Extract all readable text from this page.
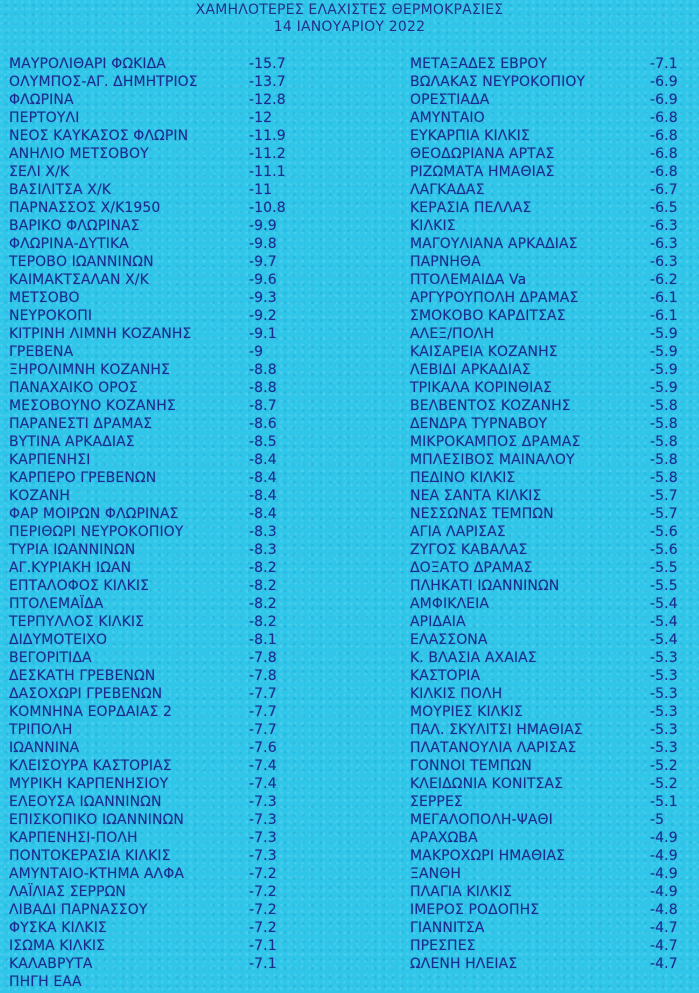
ΧΑΜΗΛΟΤΕΡΕΣ ΕΛΑΧΙΣΤΕΣ ΘΕΡΜΟΚΡΑΣΙΕΣ
14 ΙΑΝΟΥΑΡΙΟΥ 2022
ΜΑΥΡΟΛΙΘΑΡΙ ΦΩΚΙΔΑ	-15.7
ΟΛΥΜΠΟΣ-ΑΓ. ΔΗΜΗΤΡΙΟΣ	-13.7
ΦΛΩΡΙΝΑ	-12.8
ΠΕΡΤΟΥΛΙ	-12
ΝΕΟΣ ΚΑΥΚΑΣΟΣ ΦΛΩΡΙΝ	-11.9
ΑΝΗΛΙΟ ΜΕΤΣΟΒΟΥ	-11.2
ΣΕΛΙ Χ/Κ	-11.1
ΒΑΣΙΛΙΤΣΑ Χ/Κ	-11
ΠΑΡΝΑΣΣΟΣ Χ/Κ1950	-10.8
ΒΑΡΙΚΟ ΦΛΩΡΙΝΑΣ	-9.9
ΦΛΩΡΙΝΑ-ΔΥΤΙΚΑ	-9.8
ΤΕΡΟΒΟ ΙΩΑΝΝΙΝΩΝ	-9.7
ΚΑΙΜΑΚΤΣΑΛΑΝ Χ/Κ	-9.6
ΜΕΤΣΟΒΟ	-9.3
ΝΕΥΡΟΚΟΠΙ	-9.2
ΚΙΤΡΙΝΗ ΛΙΜΝΗ ΚΟΖΑΝΗΣ	-9.1
ΓΡΕΒΕΝΑ	-9
ΞΗΡΟΛΙΜΝΗ ΚΟΖΑΝΗΣ	-8.8
ΠΑΝΑΧΑΙΚΟ ΟΡΟΣ	-8.8
ΜΕΣΟΒΟΥΝΟ ΚΟΖΑΝΗΣ	-8.7
ΠΑΡΑΝΕΣΤΙ ΔΡΑΜΑΣ	-8.6
ΒΥΤΙΝΑ ΑΡΚΑΔΙΑΣ	-8.5
ΚΑΡΠΕΝΗΣΙ	-8.4
ΚΑΡΠΕΡΟ ΓΡΕΒΕΝΩΝ	-8.4
ΚΟΖΑΝΗ	-8.4
ΦΑΡ ΜΟΙΡΩΝ ΦΛΩΡΙΝΑΣ	-8.4
ΠΕΡΙΘΩΡΙ ΝΕΥΡΟΚΟΠΙΟΥ	-8.3
ΤΥΡΙΑ ΙΩΑΝΝΙΝΩΝ	-8.3
ΑΓ.ΚΥΡΙΑΚΗ ΙΩΑΝ	-8.2
ΕΠΤΑΛΟΦΟΣ ΚΙΛΚΙΣ	-8.2
ΠΤΟΛΕΜΑΪΔΑ	-8.2
ΤΕΡΠΥΛΛΟΣ ΚΙΛΚΙΣ	-8.2
ΔΙΔΥΜΟΤΕΙΧΟ	-8.1
ΒΕΓΟΡΙΤΙΔΑ	-7.8
ΔΕΣΚΑΤΗ ΓΡΕΒΕΝΩΝ	-7.8
ΔΑΣΟΧΩΡΙ ΓΡΕΒΕΝΩΝ	-7.7
ΚΟΜΝΗΝΑ ΕΟΡΔΑΙΑΣ 2	-7.7
ΤΡΙΠΟΛΗ	-7.7
ΙΩΑΝΝΙΝΑ	-7.6
ΚΛΕΙΣΟΥΡΑ ΚΑΣΤΟΡΙΑΣ	-7.4
ΜΥΡΙΚΗ ΚΑΡΠΕΝΗΣΙΟΥ	-7.4
ΕΛΕΟΥΣΑ ΙΩΑΝΝΙΝΩΝ	-7.3
ΕΠΙΣΚΟΠΙΚΟ ΙΩΑΝΝΙΝΩΝ	-7.3
ΚΑΡΠΕΝΗΣΙ-ΠΟΛΗ	-7.3
ΠΟΝΤΟΚΕΡΑΣΙΑ ΚΙΛΚΙΣ	-7.3
ΑΜΥΝΤΑΙΟ-ΚΤΗΜΑ ΑΛΦΑ	-7.2
ΛΑΪΛΙΑΣ ΣΕΡΡΩΝ	-7.2
ΛΙΒΑΔΙ ΠΑΡΝΑΣΣΟΥ	-7.2
ΦΥΣΚΑ ΚΙΛΚΙΣ	-7.2
ΙΣΩΜΑ ΚΙΛΚΙΣ	-7.1
ΚΑΛΑΒΡΥΤΑ	-7.1
ΠΗΓΗ ΕΑΑ
ΜΕΤΑΞΑΔΕΣ ΕΒΡΟΥ	-7.1
ΒΩΛΑΚΑΣ ΝΕΥΡΟΚΟΠΙΟΥ	-6.9
ΟΡΕΣΤΙΑΔΑ	-6.9
ΑΜΥΝΤΑΙΟ	-6.8
ΕΥΚΑΡΠΙΑ ΚΙΛΚΙΣ	-6.8
ΘΕΟΔΩΡΙΑΝΑ ΑΡΤΑΣ	-6.8
ΡΙΖΩΜΑΤΑ ΗΜΑΘΙΑΣ	-6.8
ΛΑΓΚΑΔΑΣ	-6.7
ΚΕΡΑΣΙΑ ΠΕΛΛΑΣ	-6.5
ΚΙΛΚΙΣ	-6.3
ΜΑΓΟΥΛΙΑΝΑ ΑΡΚΑΔΙΑΣ	-6.3
ΠΑΡΝΗΘΑ	-6.3
ΠΤΟΛΕΜΑΙΔΑ Va	-6.2
ΑΡΓΥΡΟΥΠΟΛΗ ΔΡΑΜΑΣ	-6.1
ΣΜΟΚΟΒΟ ΚΑΡΔΙΤΣΑΣ	-6.1
ΑΛΕΞ/ΠΟΛΗ	-5.9
ΚΑΙΣΑΡΕΙΑ ΚΟΖΑΝΗΣ	-5.9
ΛΕΒΙΔΙ ΑΡΚΑΔΙΑΣ	-5.9
ΤΡΙΚΑΛΑ ΚΟΡΙΝΘΙΑΣ	-5.9
ΒΕΛΒΕΝΤΟΣ ΚΟΖΑΝΗΣ	-5.8
ΔΕΝΔΡΑ ΤΥΡΝΑΒΟΥ	-5.8
ΜΙΚΡΟΚΑΜΠΟΣ ΔΡΑΜΑΣ	-5.8
ΜΠΛΕΣΙΒΟΣ ΜΑΙΝΑΛΟΥ	-5.8
ΠΕΔΙΝΟ ΚΙΛΚΙΣ	-5.8
ΝΕΑ ΣΑΝΤΑ ΚΙΛΚΙΣ	-5.7
ΝΕΣΣΩΝΑΣ ΤΕΜΠΩΝ	-5.7
ΑΓΙΑ ΛΑΡΙΣΑΣ	-5.6
ΖΥΓΟΣ ΚΑΒΑΛΑΣ	-5.6
ΔΟΞΑΤΟ ΔΡΑΜΑΣ	-5.5
ΠΛΗΚΑΤΙ ΙΩΑΝΝΙΝΩΝ	-5.5
ΑΜΦΙΚΛΕΙΑ	-5.4
ΑΡΙΔΑΙΑ	-5.4
ΕΛΑΣΣΟΝΑ	-5.4
Κ. ΒΛΑΣΙΑ ΑΧΑΙΑΣ	-5.3
ΚΑΣΤΟΡΙΑ	-5.3
ΚΙΛΚΙΣ ΠΟΛΗ	-5.3
ΜΟΥΡΙΕΣ ΚΙΛΚΙΣ	-5.3
ΠΑΛ. ΣΚΥΛΙΤΣΙ ΗΜΑΘΙΑΣ	-5.3
ΠΛΑΤΑΝΟΥΛΙΑ ΛΑΡΙΣΑΣ	-5.3
ΓΟΝΝΟΙ ΤΕΜΠΩΝ	-5.2
ΚΛΕΙΔΩΝΙΑ ΚΟΝΙΤΣΑΣ	-5.2
ΣΕΡΡΕΣ	-5.1
ΜΕΓΑΛΟΠΟΛΗ-ΨΑΘΙ	-5
ΑΡΑΧΩΒΑ	-4.9
ΜΑΚΡΟΧΩΡΙ ΗΜΑΘΙΑΣ	-4.9
ΞΑΝΘΗ	-4.9
ΠΛΑΓΙΑ ΚΙΛΚΙΣ	-4.9
ΙΜΕΡΟΣ ΡΟΔΟΠΗΣ	-4.8
ΓΙΑΝΝΙΤΣΑ	-4.7
ΠΡΕΣΠΕΣ	-4.7
ΩΛΕΝΗ ΗΛΕΙΑΣ	-4.7
